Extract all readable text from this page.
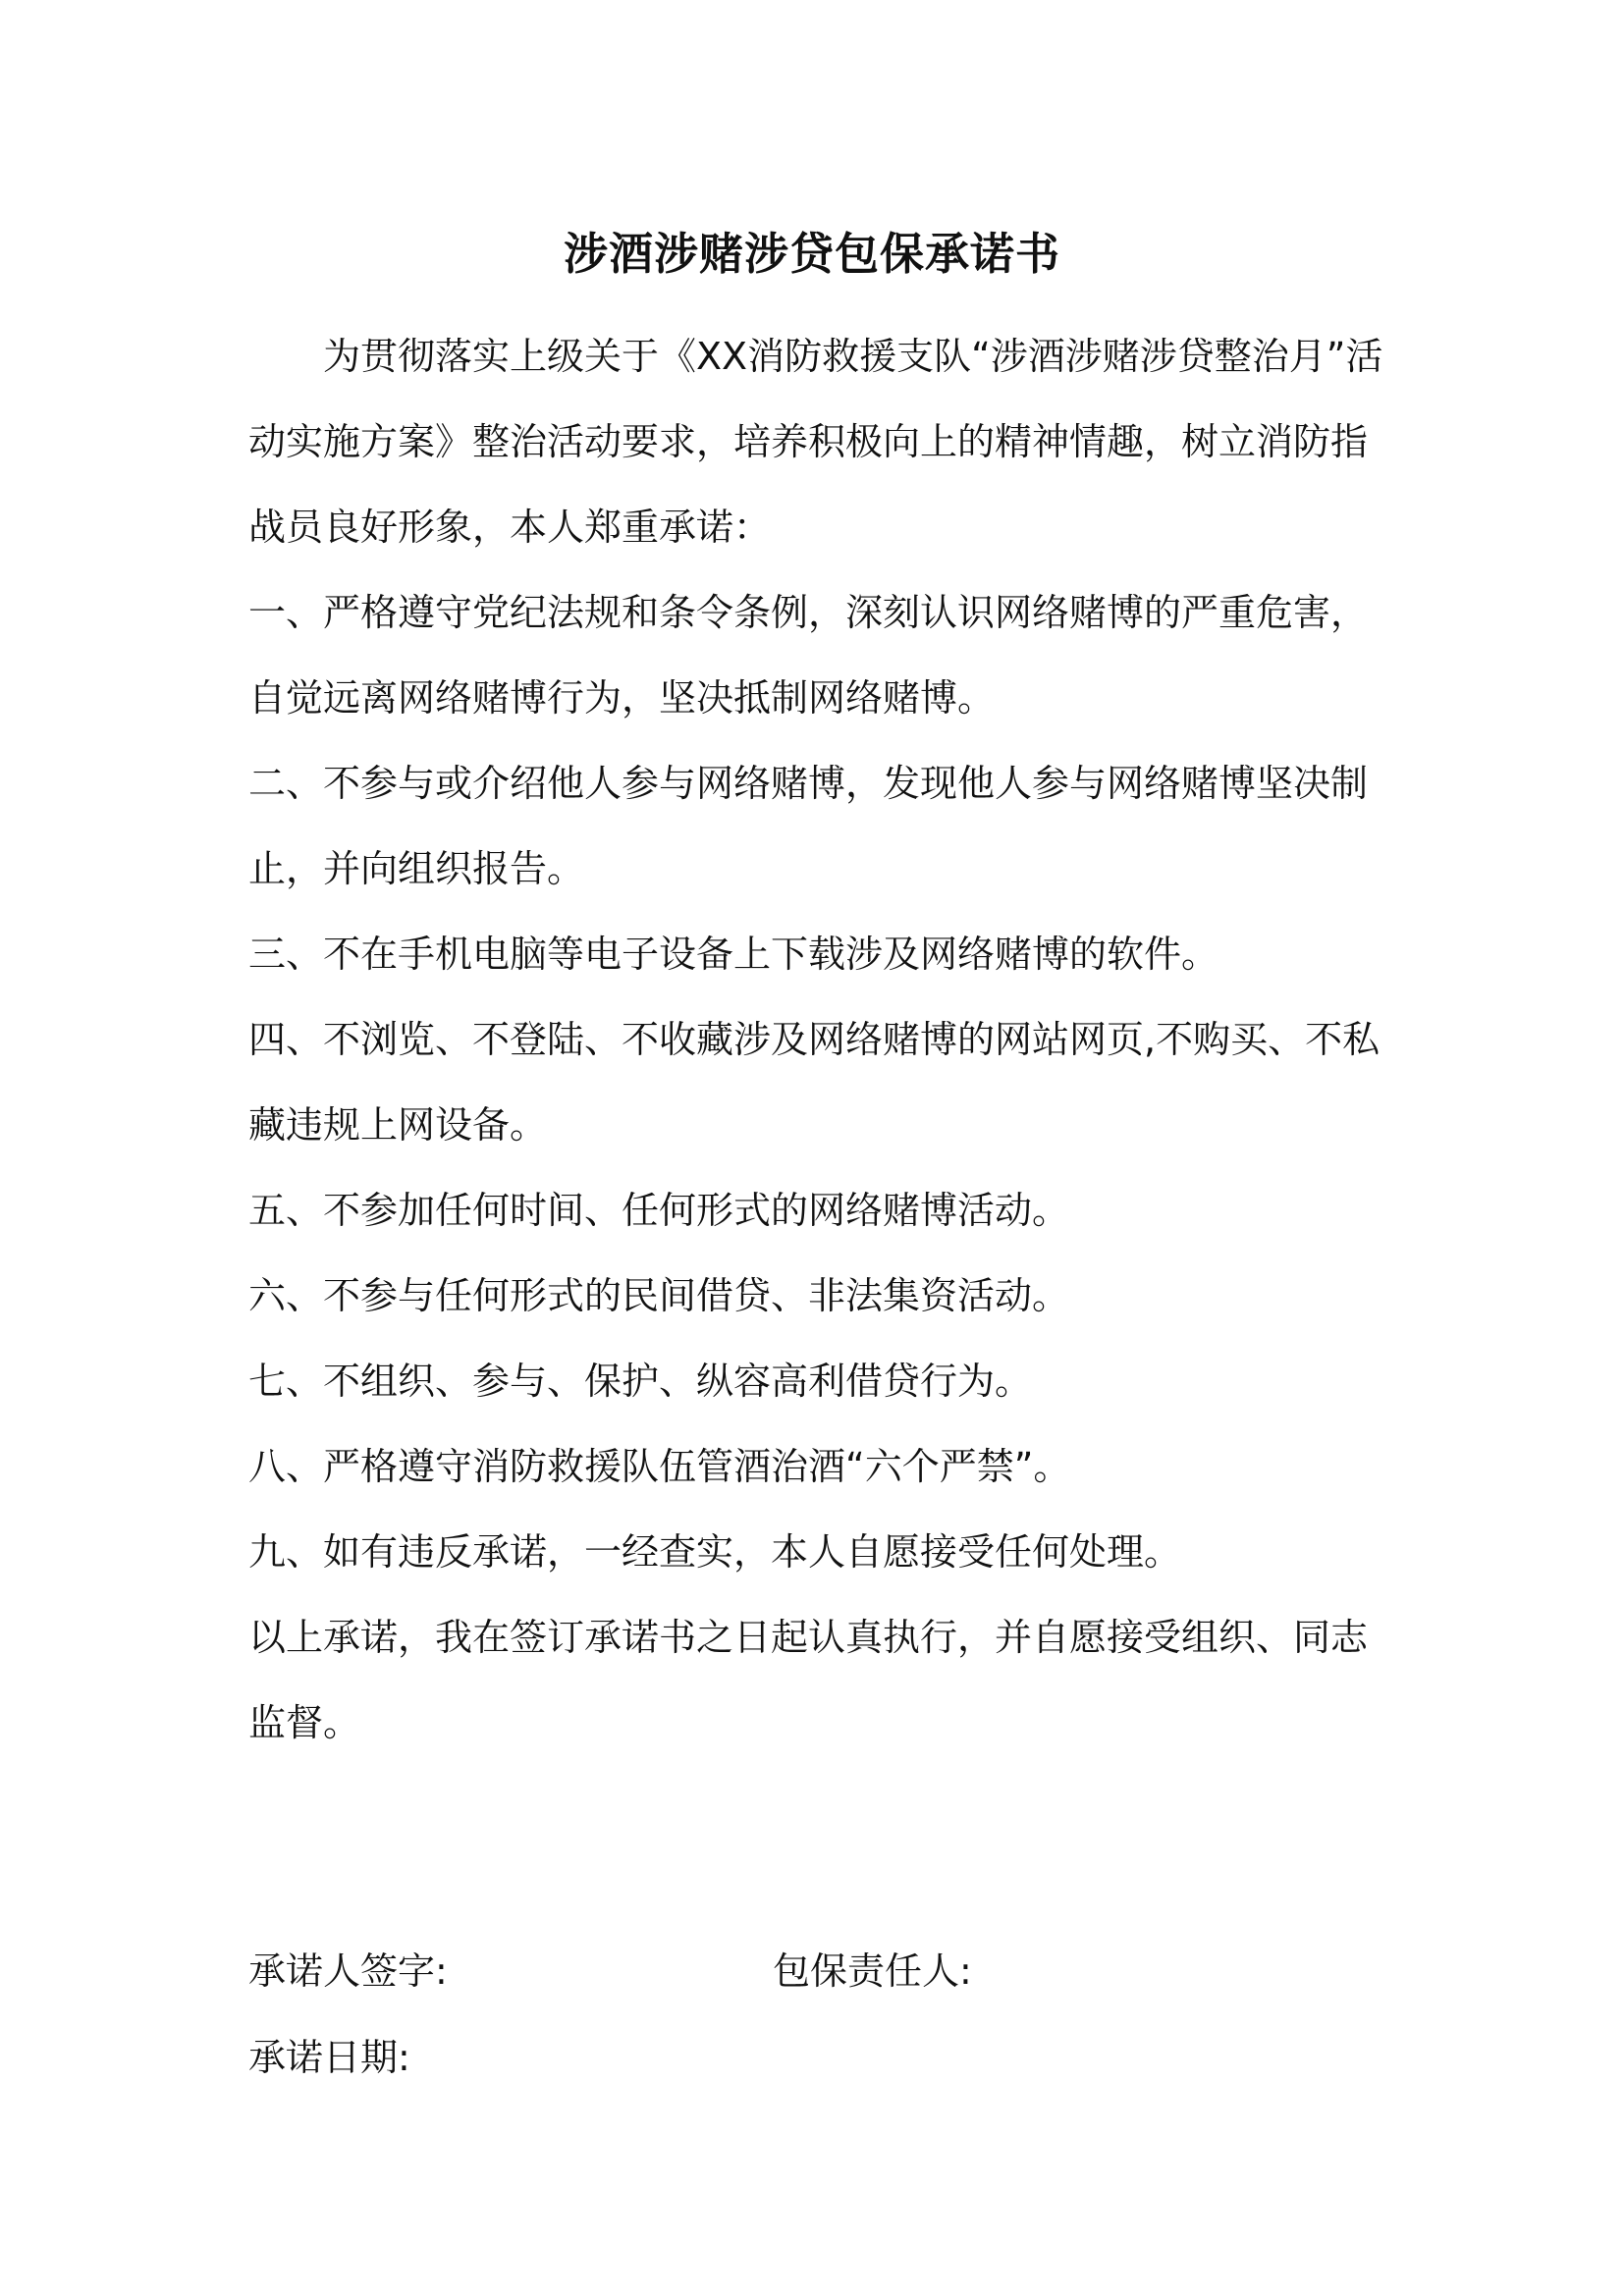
涉酒涉赌涉贷包保承诺书

为贯彻落实上级关于《XX消防救援支队“涉酒涉赌涉贷整治月”活动实施方案》整治活动要求，培养积极向上的精神情趣，树立消防指战员良好形象，本人郑重承诺：

一、严格遵守党纪法规和条令条例，深刻认识网络赌博的严重危害，自觉远离网络赌博行为，坚决抵制网络赌博。

二、不参与或介绍他人参与网络赌博，发现他人参与网络赌博坚决制止，并向组织报告。

三、不在手机电脑等电子设备上下载涉及网络赌博的软件。

四、不浏览、不登陆、不收藏涉及网络赌博的网站网页,不购买、不私藏违规上网设备。

五、不参加任何时间、任何形式的网络赌博活动。

六、不参与任何形式的民间借贷、非法集资活动。

七、不组织、参与、保护、纵容高利借贷行为。

八、严格遵守消防救援队伍管酒治酒“六个严禁”。

九、如有违反承诺，一经查实，本人自愿接受任何处理。

以上承诺，我在签订承诺书之日起认真执行，并自愿接受组织、同志监督。

承诺人签字:	包保责任人:
承诺日期:
